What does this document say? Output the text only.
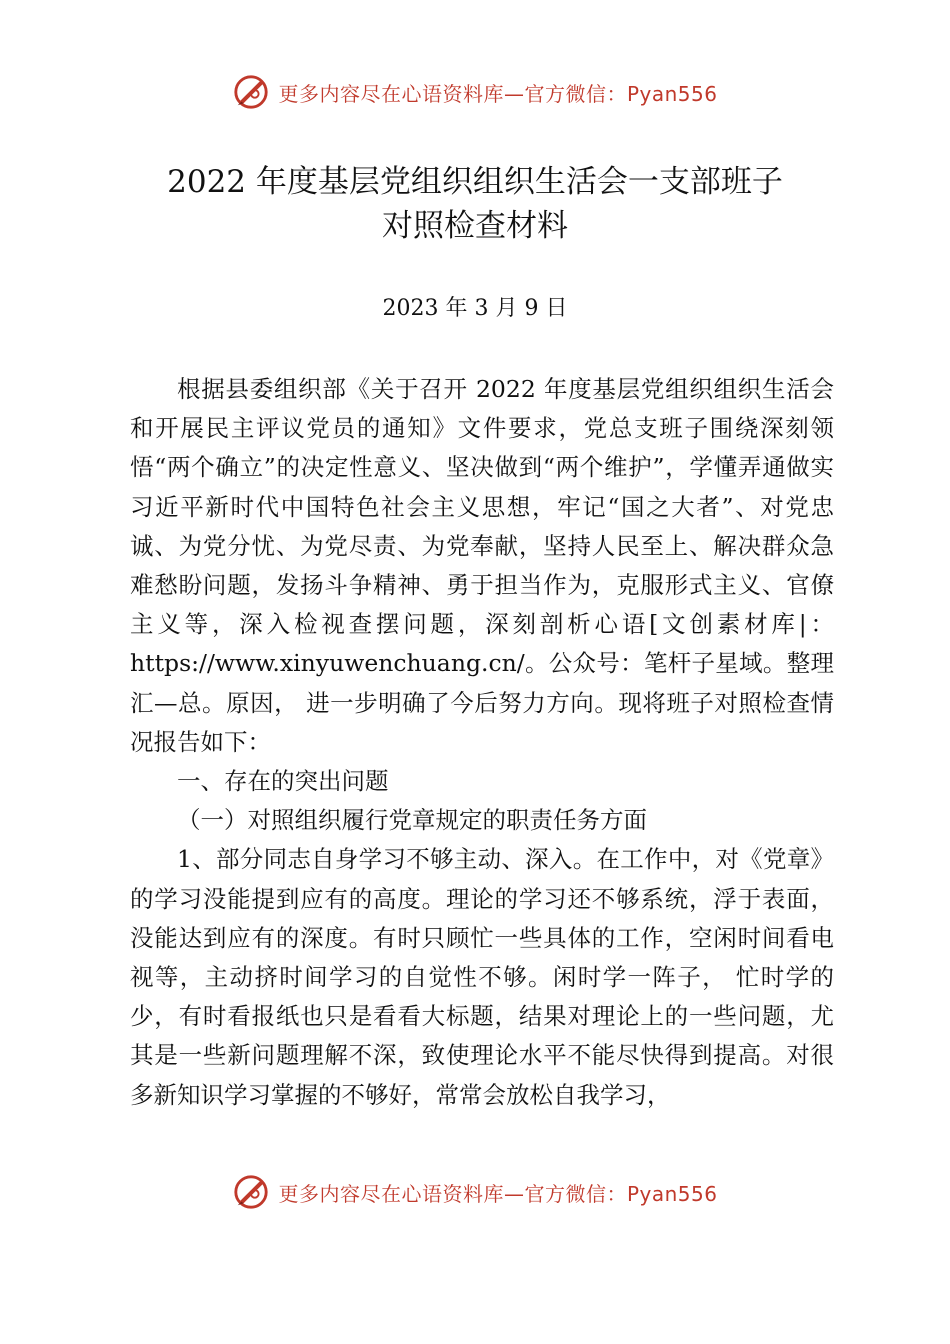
更多内容尽在心语资料库—官方微信：Pyan556
2022 年度基层党组织组织生活会一支部班子
对照检查材料
2023 年 3 月 9 日

根据县委组织部《关于召开 2022 年度基层党组织组织生活会和开展民主评议党员的通知》文件要求，党总支班子围绕深刻领悟“两个确立”的决定性意义、坚决做到“两个维护”，学懂弄通做实习近平新时代中国特色社会主义思想，牢记“国之大者”、对党忠诚、为党分忧、为党尽责、为党奉献，坚持人民至上、解决群众急难愁盼问题，发扬斗争精神、勇于担当作为，克服形式主义、官僚主义等，深入检视查摆问题，深刻剖析心语[文创素材库|：https://www.xinyuwenchuang.cn/。公众号：笔杆子星域。整理汇—总。原因， 进一步明确了今后努力方向。现将班子对照检查情况报告如下：

一、存在的突出问题

（一）对照组织履行党章规定的职责任务方面

1、部分同志自身学习不够主动、深入。在工作中，对《党章》的学习没能提到应有的高度。理论的学习还不够系统，浮于表面，没能达到应有的深度。有时只顾忙一些具体的工作，空闲时间看电视等，主动挤时间学习的自觉性不够。闲时学一阵子， 忙时学的少，有时看报纸也只是看看大标题，结果对理论上的一些问题，尤其是一些新问题理解不深，致使理论水平不能尽快得到提高。对很多新知识学习掌握的不够好，常常会放松自我学习，

更多内容尽在心语资料库—官方微信：Pyan556
